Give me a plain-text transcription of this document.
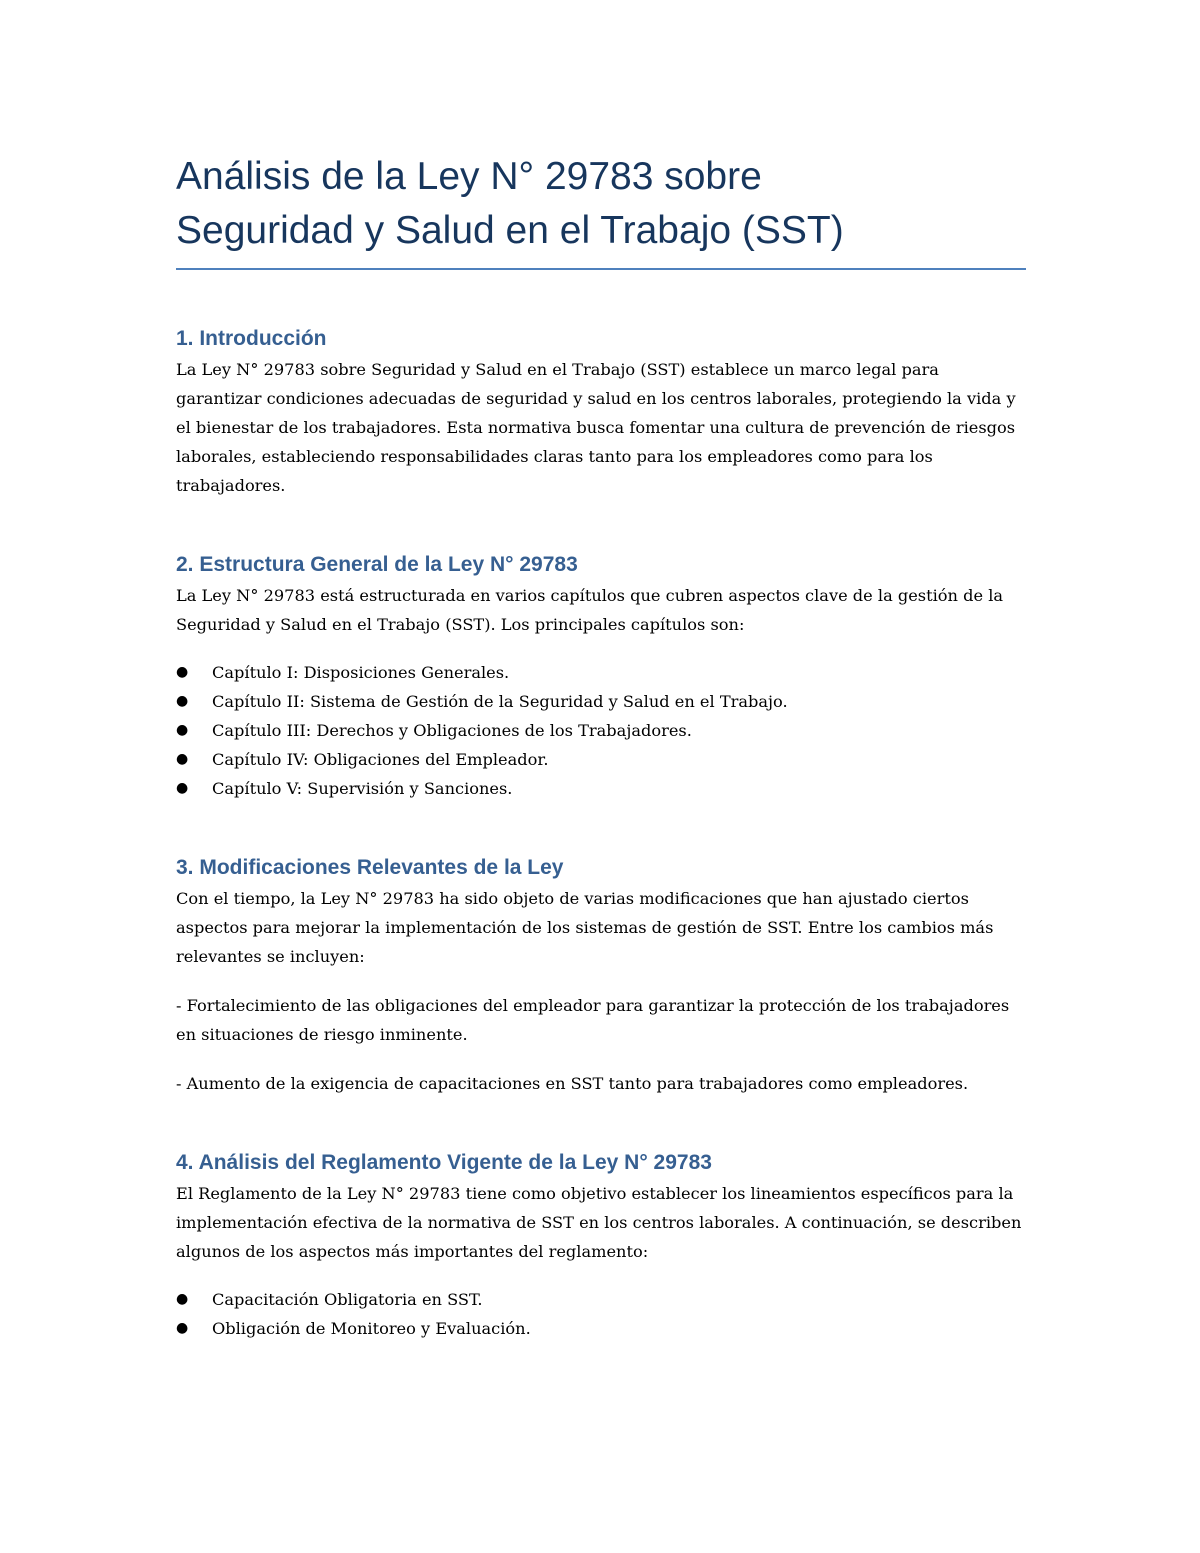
Análisis de la Ley N° 29783 sobre
Seguridad y Salud en el Trabajo (SST)
1. Introducción

La Ley N° 29783 sobre Seguridad y Salud en el Trabajo (SST) establece un marco legal para garantizar condiciones adecuadas de seguridad y salud en los centros laborales, protegiendo la vida y el bienestar de los trabajadores. Esta normativa busca fomentar una cultura de prevención de riesgos laborales, estableciendo responsabilidades claras tanto para los empleadores como para los trabajadores.

2. Estructura General de la Ley N° 29783

La Ley N° 29783 está estructurada en varios capítulos que cubren aspectos clave de la gestión de la Seguridad y Salud en el Trabajo (SST). Los principales capítulos son:

● Capítulo I: Disposiciones Generales.
● Capítulo II: Sistema de Gestión de la Seguridad y Salud en el Trabajo.
● Capítulo III: Derechos y Obligaciones de los Trabajadores.
● Capítulo IV: Obligaciones del Empleador.
● Capítulo V: Supervisión y Sanciones.
3. Modificaciones Relevantes de la Ley

Con el tiempo, la Ley N° 29783 ha sido objeto de varias modificaciones que han ajustado ciertos aspectos para mejorar la implementación de los sistemas de gestión de SST. Entre los cambios más relevantes se incluyen:

- Fortalecimiento de las obligaciones del empleador para garantizar la protección de los trabajadores en situaciones de riesgo inminente.

- Aumento de la exigencia de capacitaciones en SST tanto para trabajadores como empleadores.

4. Análisis del Reglamento Vigente de la Ley N° 29783

El Reglamento de la Ley N° 29783 tiene como objetivo establecer los lineamientos específicos para la implementación efectiva de la normativa de SST en los centros laborales. A continuación, se describen algunos de los aspectos más importantes del reglamento:

● Capacitación Obligatoria en SST.
● Obligación de Monitoreo y Evaluación.
